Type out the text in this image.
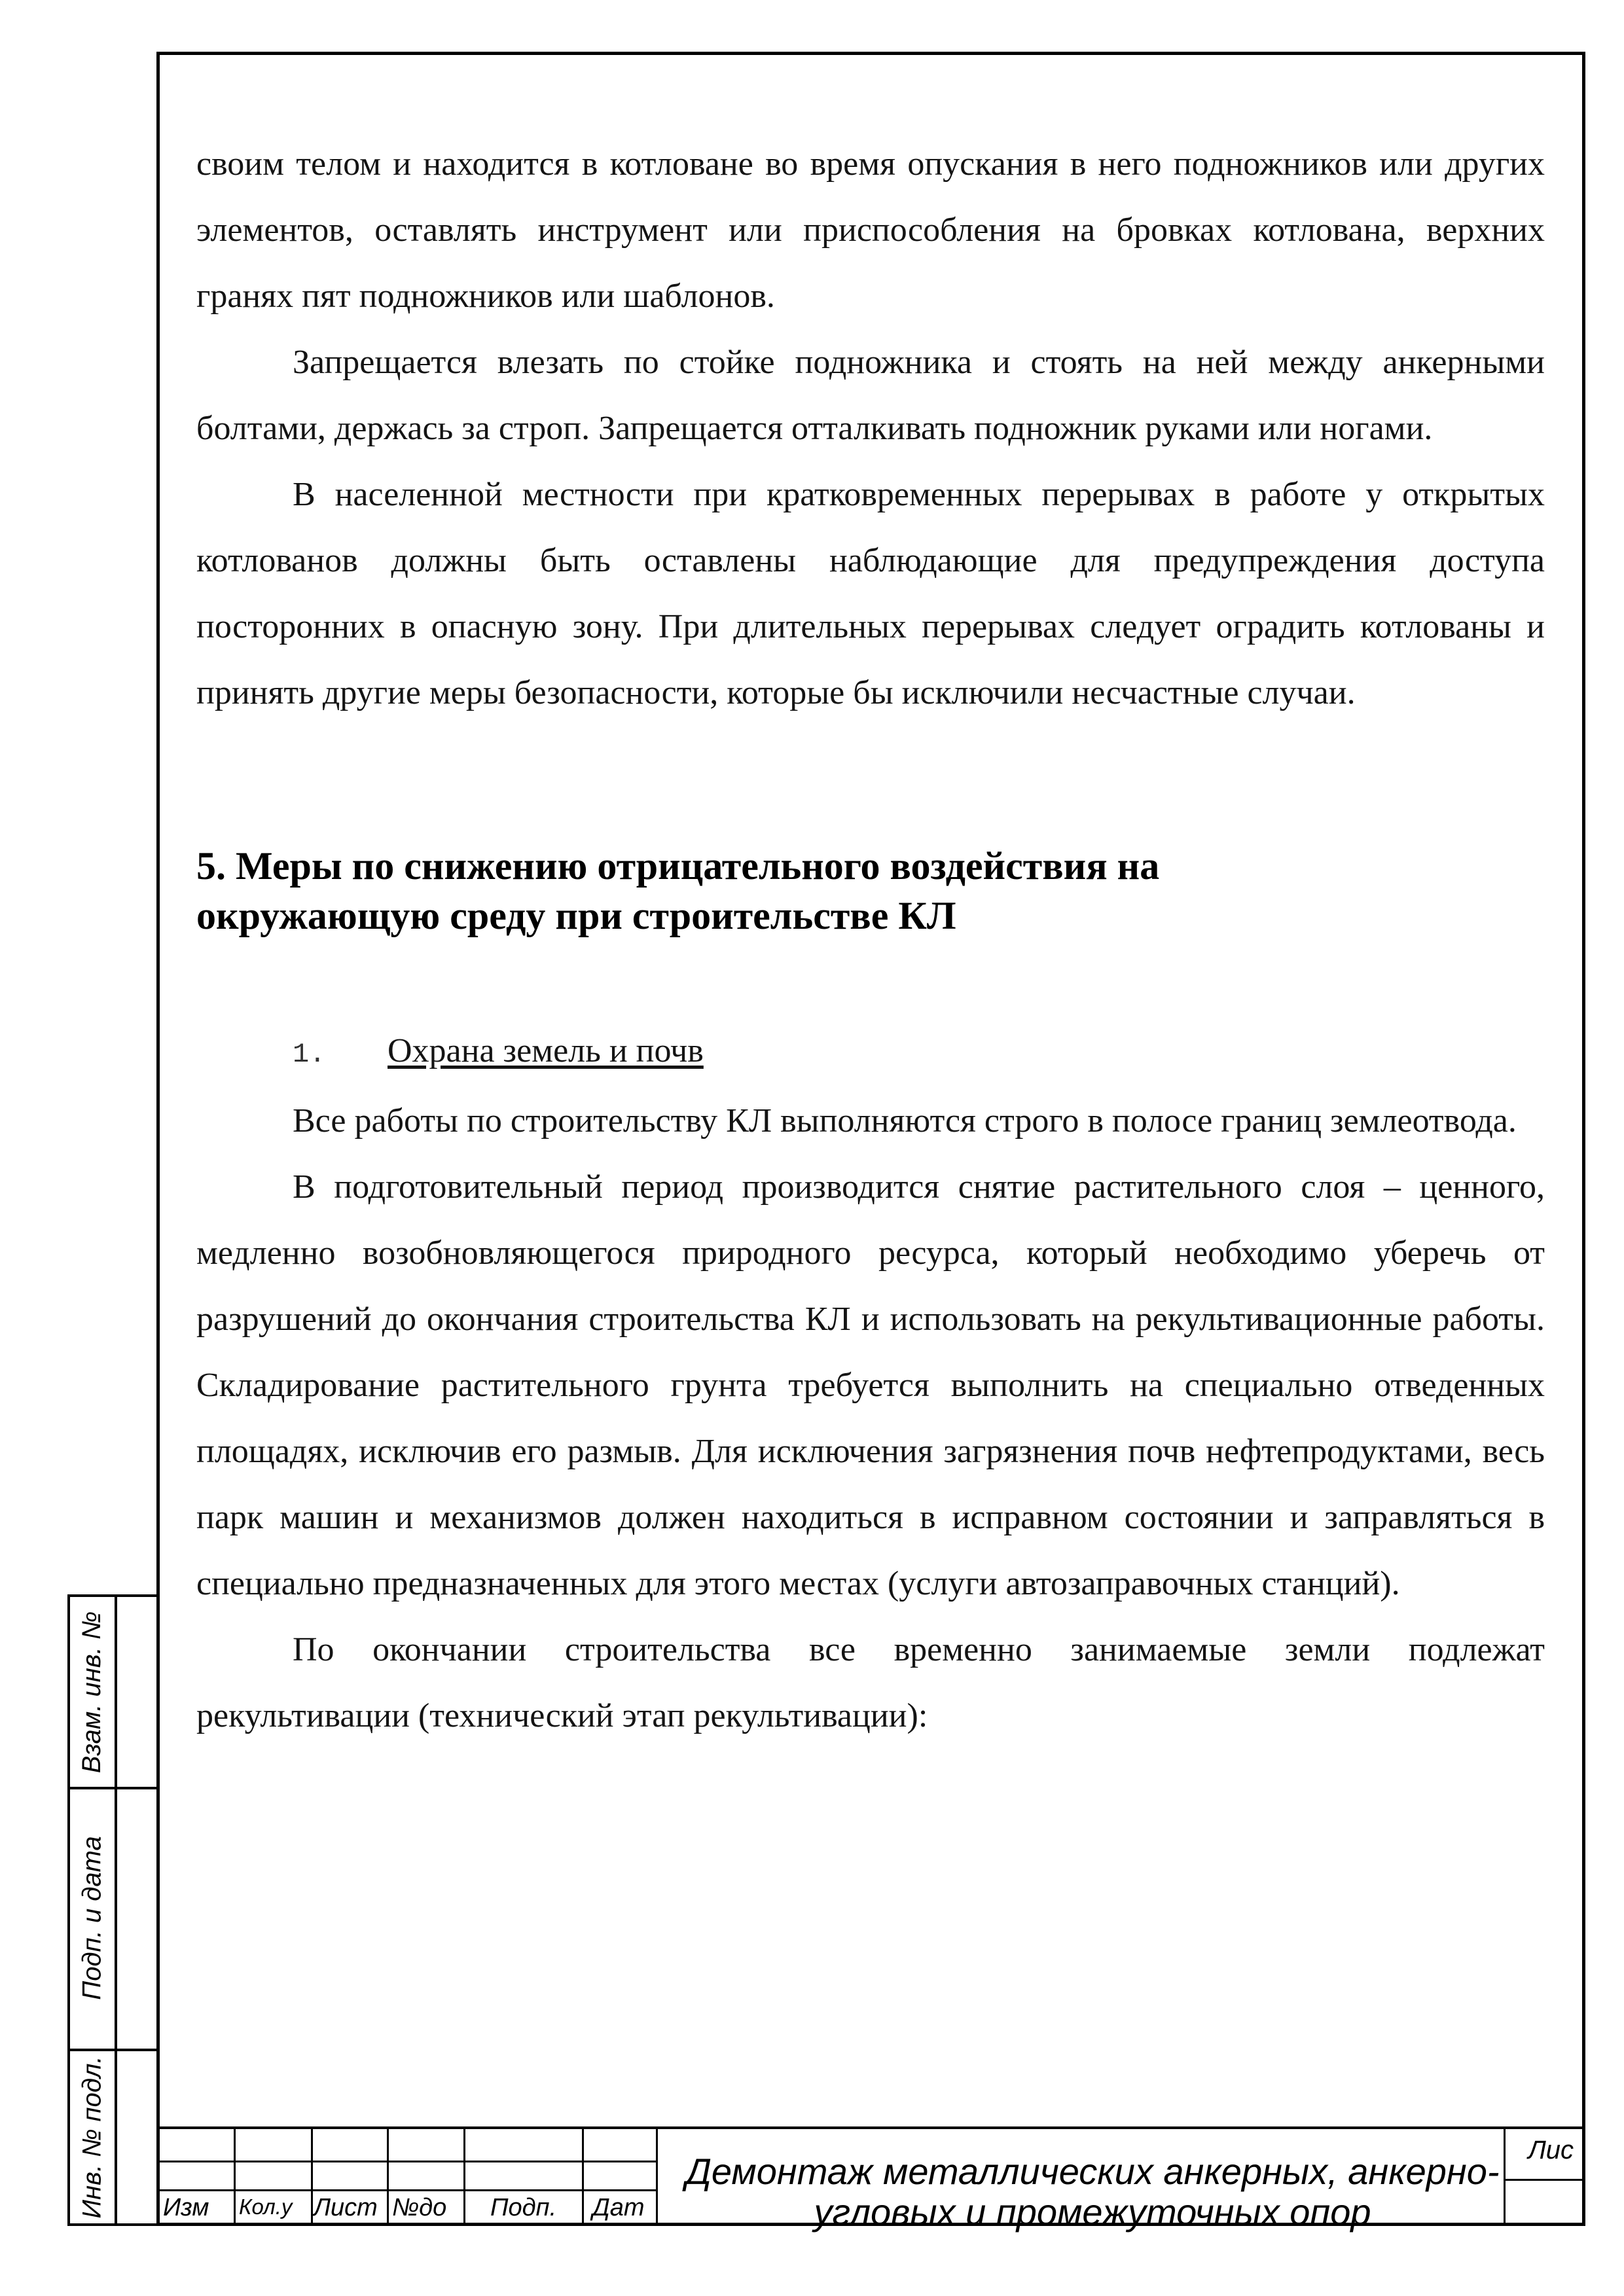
своим телом и находится в котловане во время опускания в него подножников или других элементов, оставлять инструмент или приспособления на бровках котлована, верхних гранях пят подножников или шаблонов.

Запрещается влезать по стойке подножника и стоять на ней между анкерными болтами, держась за строп. Запрещается отталкивать подножник руками или ногами.

В населенной местности при кратковременных перерывах в работе у открытых котлованов должны быть оставлены наблюдающие для предупреждения доступа посторонних в опасную зону. При длительных перерывах следует оградить котлованы и принять другие меры безопасности, которые бы исключили несчастные случаи.

5. Меры по снижению отрицательного воздействия на
окружающую среду при строительстве КЛ

1. Охрана земель и почв

Все работы по строительству КЛ выполняются строго в полосе границ землеотвода.

В подготовительный период производится снятие растительного слоя – ценного, медленно возобновляющегося природного ресурса, который необходимо уберечь от разрушений до окончания строительства КЛ и использовать на рекультивационные работы. Складирование растительного грунта требуется выполнить на специально отведенных площадях, исключив его размыв. Для исключения загрязнения почв нефтепродуктами, весь парк машин и механизмов должен находиться в исправном состоянии и заправляться в специально предназначенных для этого местах (услуги автозаправочных станций).

По окончании строительства все временно занимаемые земли подлежат рекультивации (технический этап рекультивации):

Взам. инв. №
Подп. и дата
Инв. № подл. Изм Кол.у Лист №до Подп. Дат
Демонтаж металлических анкерных, анкерно-
угловых и промежуточных опор
Лис
